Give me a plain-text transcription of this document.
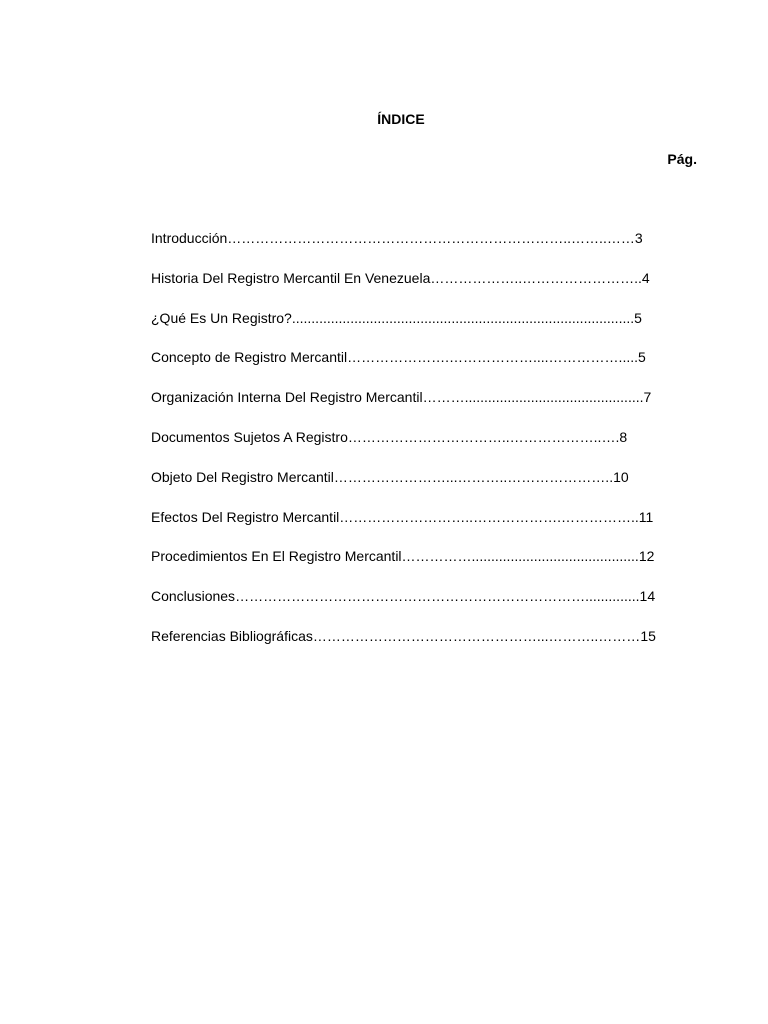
ÍNDICE
Pág.
Introducción………………………………………………………………..……..……3
Historia Del Registro Mercantil En Venezuela………………..……………………..4
¿Qué Es Un Registro?........................................................................................5
Concepto de Registro Mercantil………………….………………....…………….....5
Organización Interna Del Registro Mercantil………..............................................7
Documentos Sujetos A Registro……………………………..………………..….8
Objeto Del Registro Mercantil……………………...………..…………………..10
Efectos Del Registro Mercantil………………………..……………….……………..11
Procedimientos En El Registro Mercantil……………...........................................12
Conclusiones…………………………………………………………………..............14
Referencias Bibliográficas…………………………………………...………..………15
